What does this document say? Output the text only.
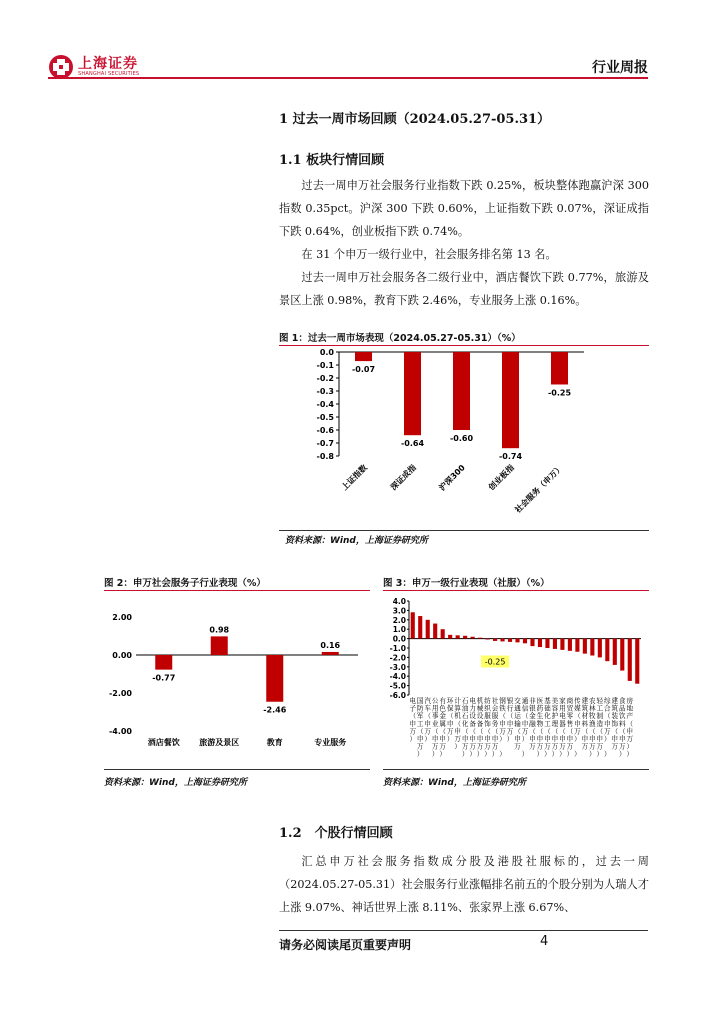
上海证券
SHANGHAI SECURITIES	行业周报
1 过去一周市场回顾（2024.05.27-05.31）
1.1 板块行情回顾

过去一周申万社会服务行业指数下跌 0.25%，板块整体跑赢沪深 300 指数 0.35pct。沪深 300 下跌 0.60%，上证指数下跌 0.07%，深证成指下跌 0.64%，创业板指下跌 0.74%。

在 31 个申万一级行业中，社会服务排名第 13 名。

过去一周申万社会服务各二级行业中，酒店餐饮下跌 0.77%，旅游及景区上涨 0.98%，教育下跌 2.46%，专业服务上涨 0.16%。

图 1：过去一周市场表现（2024.05.27-05.31）（%）
0.0
-0.1
-0.2
-0.3
-0.4
-0.5
-0.6
-0.7
-0.8
-0.07
上证指数
-0.64
深证成指
-0.60
沪深300
-0.74
创业板指
-0.25
社会服务（申万）
资料来源：Wind，上海证券研究所
图 2：申万社会服务子行业表现（%）
2.00
0.00
-2.00
-4.00
-0.77
酒店餐饮
0.98
旅游及景区
-2.46
教育
0.16
专业服务
资料来源：Wind，上海证券研究所
图 3：申万一级行业表现（社服）（%）
4.0
3.0
2.0
1.0
0.0
-1.0
-2.0
-3.0
-4.0
-5.0
-6.0
-0.25
电 国 汽 公 有 环 计 石 电 机 纺 社 钢 银 交 通 非 医 基 美 家 商 传 建 农 轻 综 建 食 房
子 防 车 用 色 保 算 油 力 械 织 会 铁 行 通 信 银 药 础 容 用 贸 媒 筑 林 工 合 筑 品 地
（ 军 （ 事 金 （ 机 石 设 设 服 服 （ （ 运 （ 金 生 化 护 电 零 （ 材 牧 制 （ 装 饮 产
申 工 申 业 属 申 （ 化 备 备 饰 务 申 申 输 申 融 物 工 理 器 售 申 料 渔 造 申 饰 料 （
万 （ 万 （ （ 万 申 （ （ （ （ （ 万 万 （ 万 （ （ （ （ （ （ 万 （ （ （ 万 （ （ 申
） 申 ） 申 申 ） 万 申 申 申 申 申 ） ） 申 ） 申 申 申 申 申 申 ） 申 申 申 ） 申 申 万
万 万 万 ） 万 万 万 万 万 万 万 万 万 万 万 万 万 万 万 万 万 ）
） ） ） ） ） ） ） ） ） ） ） ） ） ） ） ） ） ） ） ） ）
资料来源：Wind，上海证券研究所
1.2　个股行情回顾

汇总申万社会服务指数成分股及港股社服标的，过去一周（2024.05.27-05.31）社会服务行业涨幅排名前五的个股分别为人瑞人才上涨 9.07%、神话世界上涨 8.11%、张家界上涨 6.67%、

请务必阅读尾页重要声明	4
